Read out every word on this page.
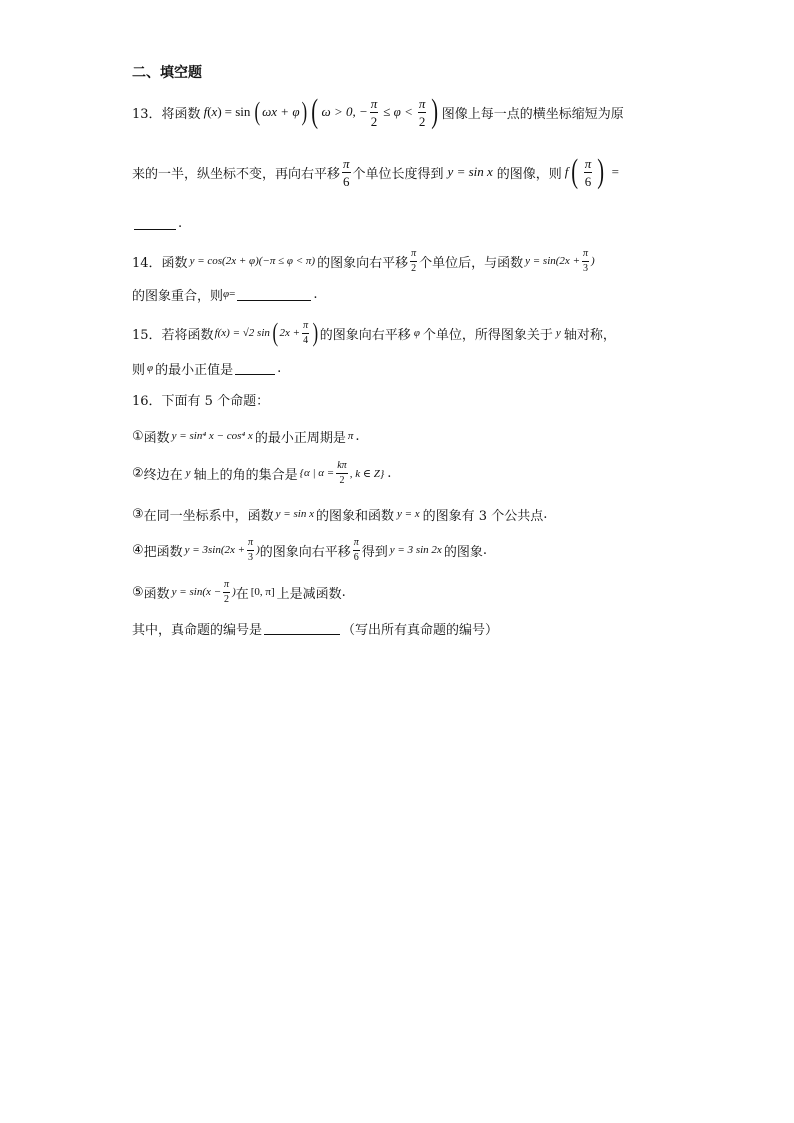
二、填空题
13． 将函数 f ( x ) = sin ( ωx + φ ) ( ω > 0, − $\frac{\pi}{2} \le \varphi < \frac{\pi}{2}$ ) 图像上每一点的横坐标缩短为原
来的一半，纵坐标不变，再向右平移 $\frac{\pi}{6}$ 个单位长度得到 y = sin x 的图像，则 f ( $\frac{\pi}{6}$ ) =
.
14． 函数 y = cos(2x + φ)(−π ≤ φ < π) 的图象向右平移 $\frac{\pi}{2}$ 个单位后，与函数 $y = \sin(2x + \frac{\pi}{3}$ )
的图象重合，则 φ =	.
15． 若将函数 f(x) = √2 sin ( $2x + \frac{\pi}{4}$ ) 的图象向右平移 φ 个单位，所得图象关于 y 轴对称，
则 φ 的最小正值是	.
16． 下面有 5 个命题：
① 函数 y = sin⁴ x − cos⁴ x 的最小正周期是 π .
② 终边在 y 轴上的角的集合是 {α | $\alpha = \frac{k\pi}{2}$ , k ∈ Z} .
③ 在同一坐标系中，函数 y = sin x 的图象和函数 y = x 的图象有 3 个公共点 .
④ 把函数 $y = 3\sin(2x + \frac{\pi}{3}$ ) 的图象向右平移 $\frac{\pi}{6}$ 得到 y = 3 sin 2x 的图象 .
⑤ 函数 $y = \sin(x - \frac{\pi}{2}$ ) 在 [0, π] 上是减函数 .
其中，真命题的编号是	（写出所有真命题的编号）
